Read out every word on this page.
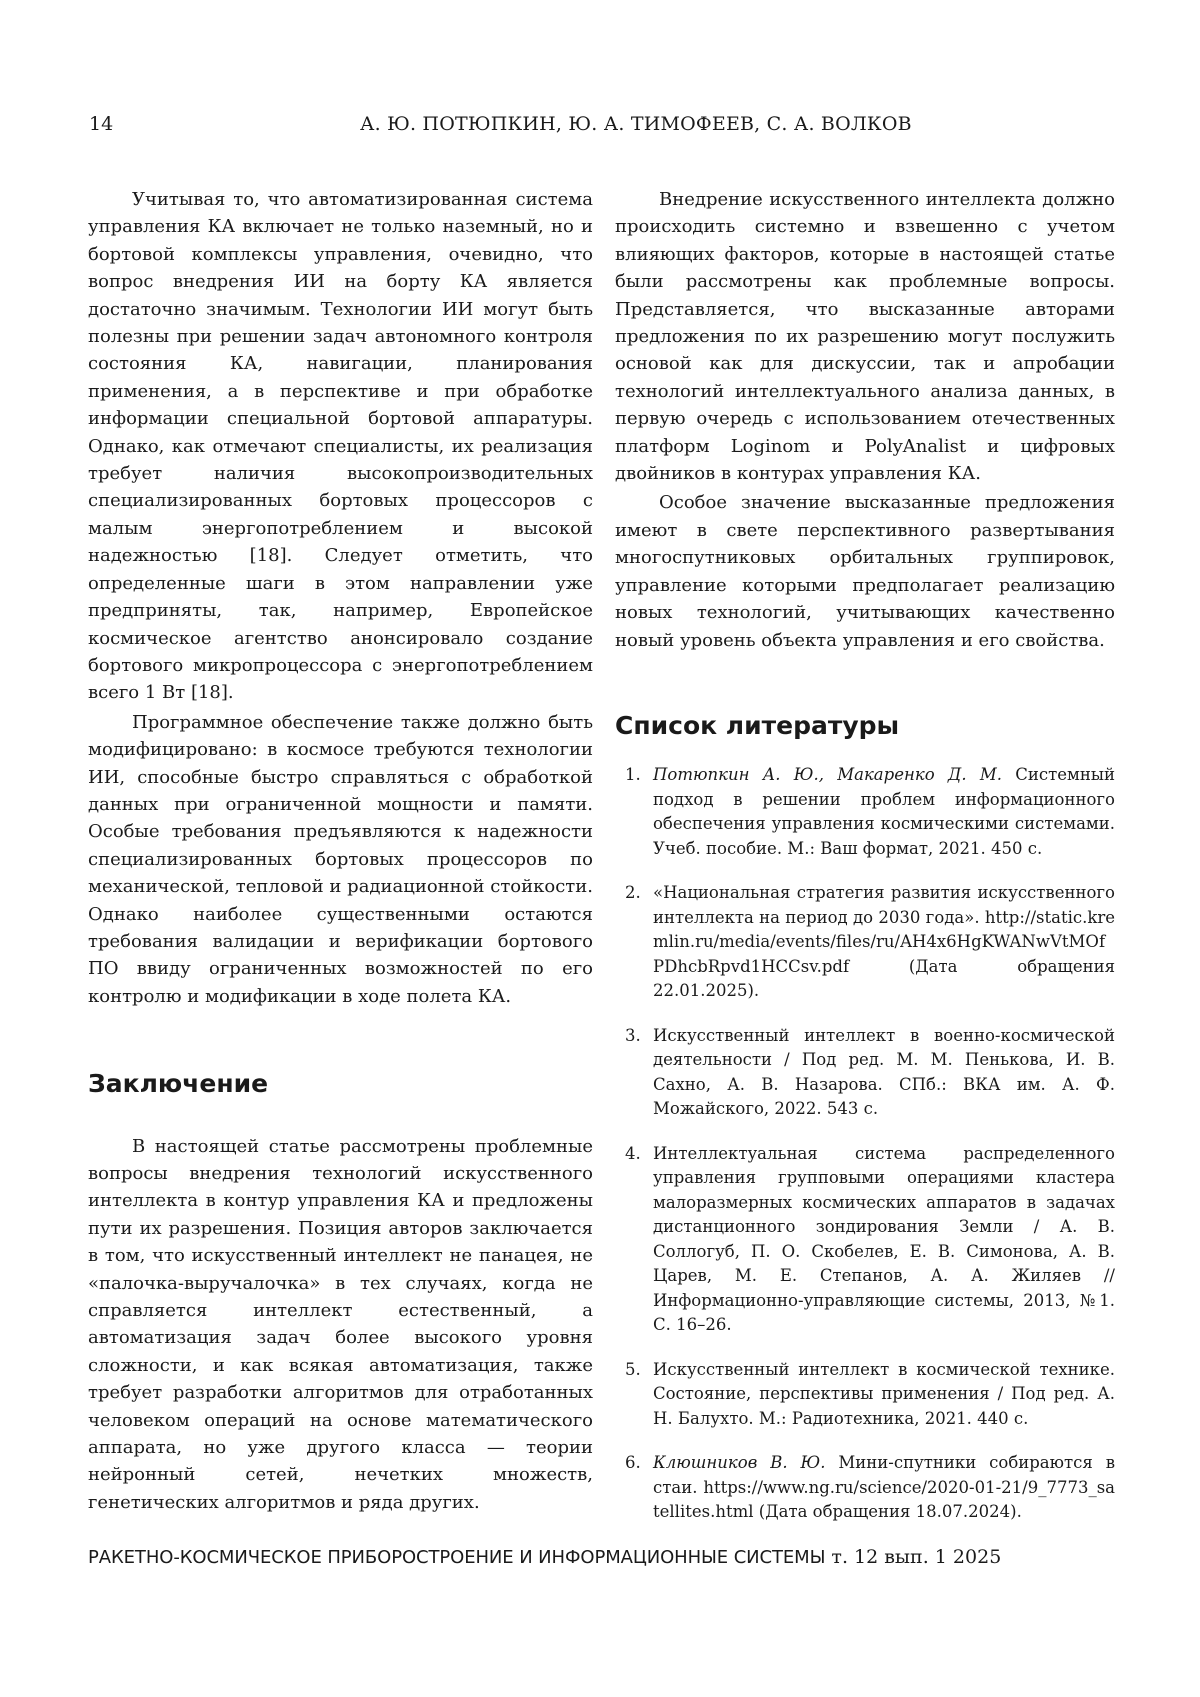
14	А. Ю. ПОТЮПКИН, Ю. А. ТИМОФЕЕВ, С. А. ВОЛКОВ

Учитывая то, что автоматизированная система управления КА включает не только наземный, но и бортовой комплексы управления, очевидно, что вопрос внедрения ИИ на борту КА является достаточно значимым. Технологии ИИ могут быть полезны при решении задач автономного контроля состояния КА, навигации, планирования применения, а в перспективе и при обработке информации специальной бортовой аппаратуры. Однако, как отмечают специалисты, их реализация требует наличия высокопроизводительных специализированных бортовых процессоров с малым энергопотреблением и высокой надежностью [18]. Следует отметить, что определенные шаги в этом направлении уже предприняты, так, например, Европейское космическое агентство анонсировало создание бортового микропроцессора с энергопотреблением всего 1 Вт [18].

Программное обеспечение также должно быть модифицировано: в космосе требуются технологии ИИ, способные быстро справляться с обработкой данных при ограниченной мощности и памяти. Особые требования предъявляются к надежности специализированных бортовых процессоров по механической, тепловой и радиационной стойкости. Однако наиболее существенными остаются требования валидации и верификации бортового ПО ввиду ограниченных возможностей по его контролю и модификации в ходе полета КА.

Заключение

В настоящей статье рассмотрены проблемные вопросы внедрения технологий искусственного интеллекта в контур управления КА и предложены пути их разрешения. Позиция авторов заключается в том, что искусственный интеллект не панацея, не «палочка-выручалочка» в тех случаях, когда не справляется интеллект естественный, а автоматизация задач более высокого уровня сложности, и как всякая автоматизация, также требует разработки алгоритмов для отработанных человеком операций на основе математического аппарата, но уже другого класса — теории нейронный сетей, нечетких множеств, генетических алгоритмов и ряда других.

Внедрение искусственного интеллекта должно происходить системно и взвешенно с учетом влияющих факторов, которые в настоящей статье были рассмотрены как проблемные вопросы. Представляется, что высказанные авторами предложения по их разрешению могут послужить основой как для дискуссии, так и апробации технологий интеллектуального анализа данных, в первую очередь с использованием отечественных платформ Loginom и PolyAnalist и цифровых двойников в контурах управления КА.

Особое значение высказанные предложения имеют в свете перспективного развертывания многоспутниковых орбитальных группировок, управление которыми предполагает реализацию новых технологий, учитывающих качественно новый уровень объекта управления и его свойства.

Список литературы
1. Потюпкин А. Ю., Макаренко Д. М. Системный подход в решении проблем информационного обеспечения управления космическими системами. Учеб. пособие. М.: Ваш формат, 2021. 450 с.
2. «Национальная стратегия развития искусственного интеллекта на период до 2030 года». http://static.kremlin.ru/media/events/files/ru/AH4x6HgKWANwVtMOfPDhcbRpvd1HCCsv.pdf (Дата обращения 22.01.2025).
3. Искусственный интеллект в военно-космической деятельности / Под ред. М. М. Пенькова, И. В. Сахно, А. В. Назарова. СПб.: ВКА им. А. Ф. Можайского, 2022. 543 с.
4. Интеллектуальная система распределенного управления групповыми операциями кластера малоразмерных космических аппаратов в задачах дистанционного зондирования Земли / А. В. Соллогуб, П. О. Скобелев, Е. В. Симонова, А. В. Царев, М. Е. Степанов, А. А. Жиляев // Информационно-управляющие системы, 2013, №1. С. 16–26.
5. Искусственный интеллект в космической технике. Состояние, перспективы применения / Под ред. А. Н. Балухто. М.: Радиотехника, 2021. 440 с.
6. Клюшников В. Ю. Мини-спутники собираются в стаи. https://www.ng.ru/science/2020-01-21/9_7773_satellites.html (Дата обращения 18.07.2024).
РАКЕТНО-КОСМИЧЕСКОЕ ПРИБОРОСТРОЕНИЕ И ИНФОРМАЦИОННЫЕ СИСТЕМЫ т. 12 вып. 1 2025
